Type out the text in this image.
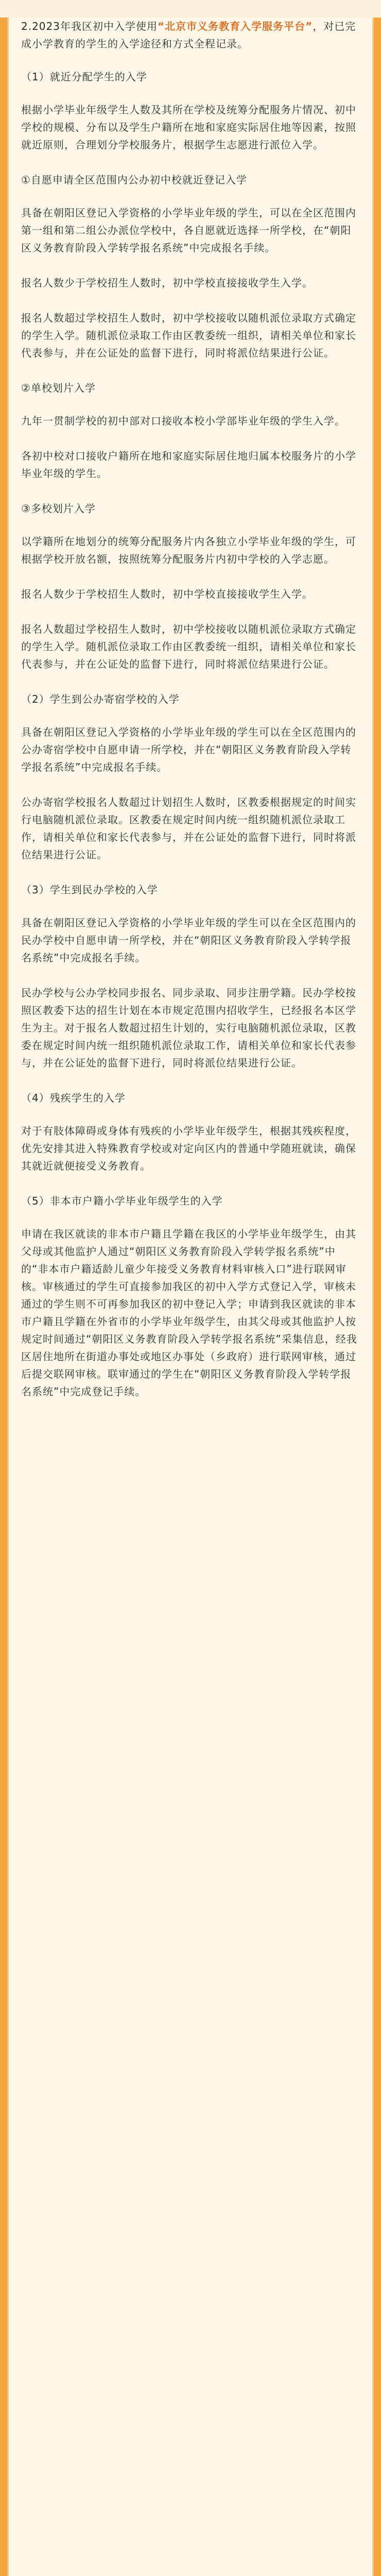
2.2023年我区初中入学使用“北京市义务教育入学服务平台”，对已完成小学教育的学生的入学途径和方式全程记录。

（1）就近分配学生的入学

根据小学毕业年级学生人数及其所在学校及统筹分配服务片情况、初中学校的规模、分布以及学生户籍所在地和家庭实际居住地等因素，按照就近原则，合理划分学校服务片，根据学生志愿进行派位入学。

①自愿申请全区范围内公办初中校就近登记入学

具备在朝阳区登记入学资格的小学毕业年级的学生，可以在全区范围内第一组和第二组公办派位学校中，各自愿就近选择一所学校，在“朝阳区义务教育阶段入学转学报名系统”中完成报名手续。

报名人数少于学校招生人数时，初中学校直接接收学生入学。

报名人数超过学校招生人数时，初中学校接收以随机派位录取方式确定的学生入学。随机派位录取工作由区教委统一组织，请相关单位和家长代表参与，并在公证处的监督下进行，同时将派位结果进行公证。

②单校划片入学

九年一贯制学校的初中部对口接收本校小学部毕业年级的学生入学。

各初中校对口接收户籍所在地和家庭实际居住地归属本校服务片的小学毕业年级的学生。

③多校划片入学

以学籍所在地划分的统筹分配服务片内各独立小学毕业年级的学生，可根据学校开放名额，按照统筹分配服务片内初中学校的入学志愿。

报名人数少于学校招生人数时，初中学校直接接收学生入学。

报名人数超过学校招生人数时，初中学校接收以随机派位录取方式确定的学生入学。随机派位录取工作由区教委统一组织，请相关单位和家长代表参与，并在公证处的监督下进行，同时将派位结果进行公证。

（2）学生到公办寄宿学校的入学

具备在朝阳区登记入学资格的小学毕业年级的学生可以在全区范围内的公办寄宿学校中自愿申请一所学校，并在“朝阳区义务教育阶段入学转学报名系统”中完成报名手续。

公办寄宿学校报名人数超过计划招生人数时，区教委根据规定的时间实行电脑随机派位录取。区教委在规定时间内统一组织随机派位录取工作，请相关单位和家长代表参与，并在公证处的监督下进行，同时将派位结果进行公证。

（3）学生到民办学校的入学

具备在朝阳区登记入学资格的小学毕业年级的学生可以在全区范围内的民办学校中自愿申请一所学校，并在“朝阳区义务教育阶段入学转学报名系统”中完成报名手续。

民办学校与公办学校同步报名、同步录取、同步注册学籍。民办学校按照区教委下达的招生计划在本市规定范围内招收学生，已经报名本区学生为主。对于报名人数超过招生计划的，实行电脑随机派位录取，区教委在规定时间内统一组织随机派位录取工作，请相关单位和家长代表参与，并在公证处的监督下进行，同时将派位结果进行公证。

（4）残疾学生的入学

对于有肢体障碍或身体有残疾的小学毕业年级学生，根据其残疾程度，优先安排其进入特殊教育学校或对定向区内的普通中学随班就读，确保其就近就便接受义务教育。

（5）非本市户籍小学毕业年级学生的入学

申请在我区就读的非本市户籍且学籍在我区的小学毕业年级学生，由其父母或其他监护人通过“朝阳区义务教育阶段入学转学报名系统”中的“非本市户籍适龄儿童少年接受义务教育材料审核入口”进行联网审核。审核通过的学生可直接参加我区的初中入学方式登记入学，审核未通过的学生则不可再参加我区的初中登记入学；申请到我区就读的非本市户籍且学籍在外省市的小学毕业年级学生，由其父母或其他监护人按规定时间通过“朝阳区义务教育阶段入学转学报名系统”采集信息，经我区居住地所在街道办事处或地区办事处（乡政府）进行联网审核，通过后提交联网审核。联审通过的学生在“朝阳区义务教育阶段入学转学报名系统”中完成登记手续。
